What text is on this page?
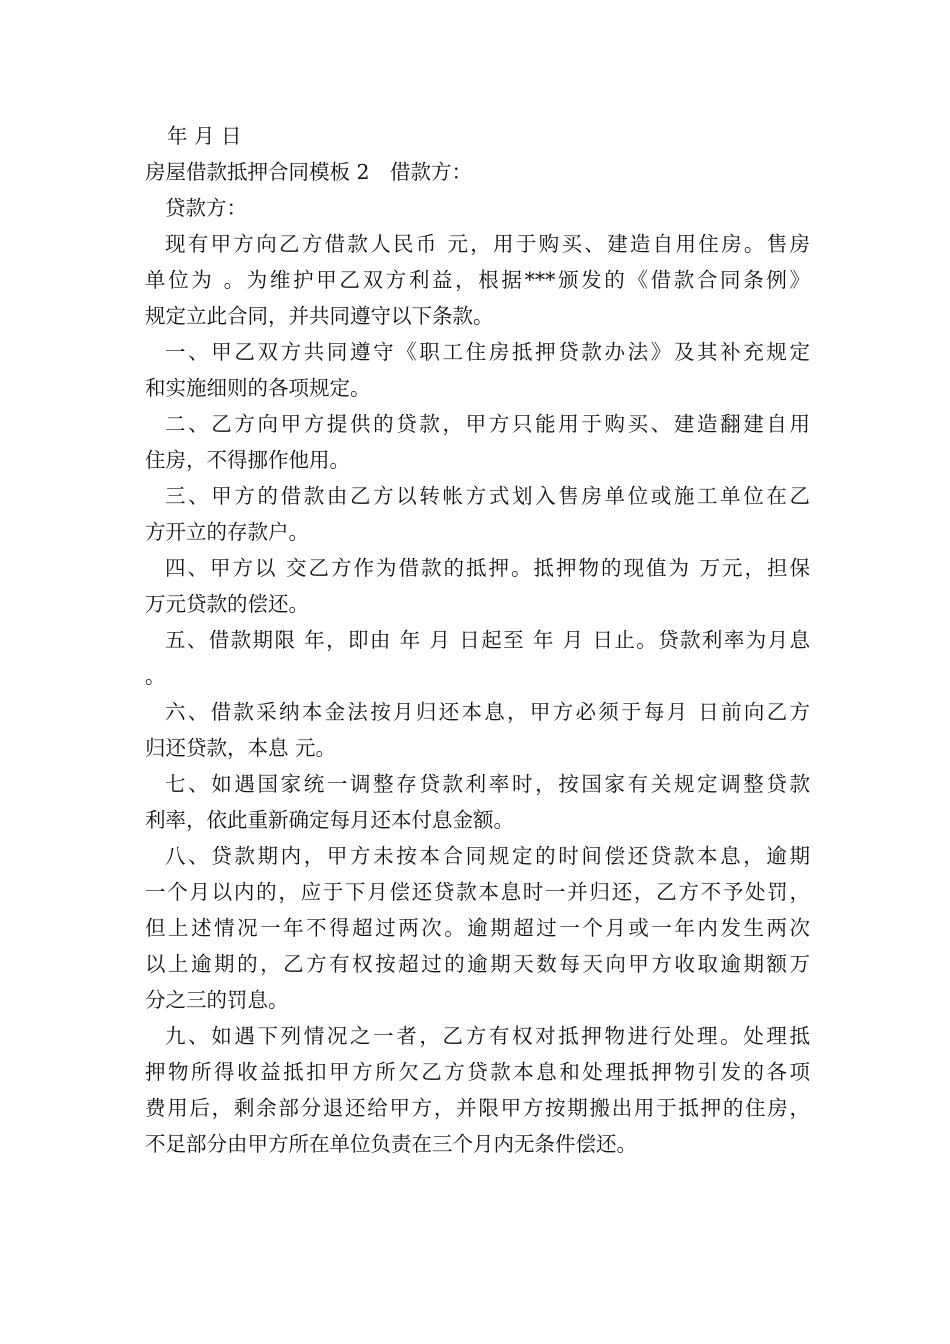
年 月 日
房屋借款抵押合同模板 2　借款方：
贷款方：
现有甲方向乙方借款人民币 元，用于购买、建造自用住房。售房
单位为 。为维护甲乙双方利益，根据***颁发的《借款合同条例》
规定立此合同，并共同遵守以下条款。
一、甲乙双方共同遵守《职工住房抵押贷款办法》及其补充规定
和实施细则的各项规定。
二、乙方向甲方提供的贷款，甲方只能用于购买、建造翻建自用
住房，不得挪作他用。
三、甲方的借款由乙方以转帐方式划入售房单位或施工单位在乙
方开立的存款户。
四、甲方以 交乙方作为借款的抵押。抵押物的现值为 万元，担保
万元贷款的偿还。
五、借款期限 年，即由 年 月 日起至 年 月 日止。贷款利率为月息
。
六、借款采纳本金法按月归还本息，甲方必须于每月 日前向乙方
归还贷款，本息 元。
七、如遇国家统一调整存贷款利率时，按国家有关规定调整贷款
利率，依此重新确定每月还本付息金额。
八、贷款期内，甲方未按本合同规定的时间偿还贷款本息，逾期
一个月以内的，应于下月偿还贷款本息时一并归还，乙方不予处罚，
但上述情况一年不得超过两次。逾期超过一个月或一年内发生两次
以上逾期的，乙方有权按超过的逾期天数每天向甲方收取逾期额万
分之三的罚息。
九、如遇下列情况之一者，乙方有权对抵押物进行处理。处理抵
押物所得收益抵扣甲方所欠乙方贷款本息和处理抵押物引发的各项
费用后，剩余部分退还给甲方，并限甲方按期搬出用于抵押的住房，
不足部分由甲方所在单位负责在三个月内无条件偿还。
